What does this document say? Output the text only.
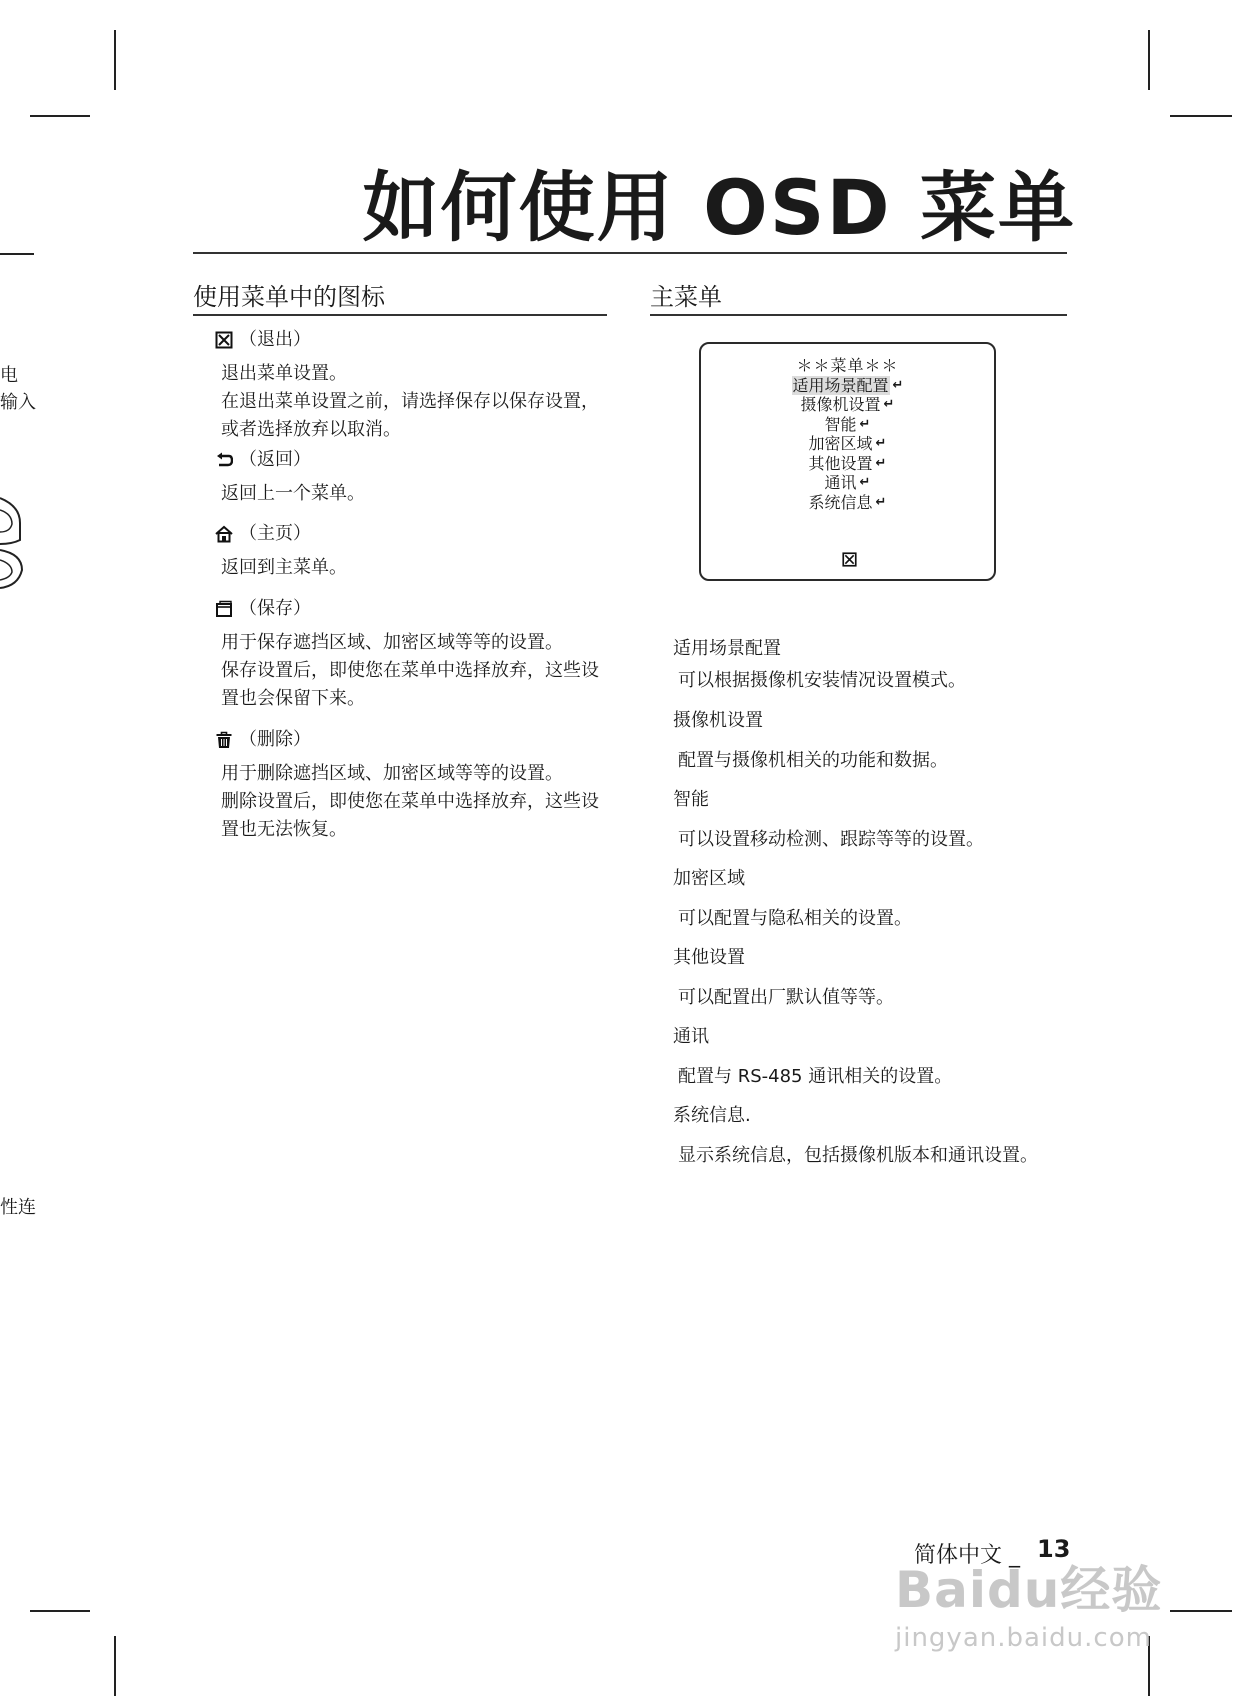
电
输入
性连
如何使用 OSD 菜单
使用菜单中的图标
（退出）
退出菜单设置。
在退出菜单设置之前，请选择保存以保存设置，或者选择放弃以取消。
（返回）
返回上一个菜单。
（主页）
返回到主菜单。
（保存）
用于保存遮挡区域、加密区域等等的设置。
保存设置后，即使您在菜单中选择放弃，这些设置也会保留下来。
（删除）
用于删除遮挡区域、加密区域等等的设置。
删除设置后，即使您在菜单中选择放弃，这些设置也无法恢复。
主菜单
＊＊菜单＊＊
适用场景配置 ↵
摄像机设置 ↵
智能 ↵
加密区域 ↵
其他设置 ↵
通讯 ↵
系统信息 ↵
适用场景配置
可以根据摄像机安装情况设置模式。
摄像机设置
配置与摄像机相关的功能和数据。
智能
可以设置移动检测、跟踪等等的设置。
加密区域
可以配置与隐私相关的设置。
其他设置
可以配置出厂默认值等等。
通讯
配置与 RS-485 通讯相关的设置。
系统信息.
显示系统信息，包括摄像机版本和通讯设置。
简体中文 _ 13
Baidu经验
jingyan.baidu.com
